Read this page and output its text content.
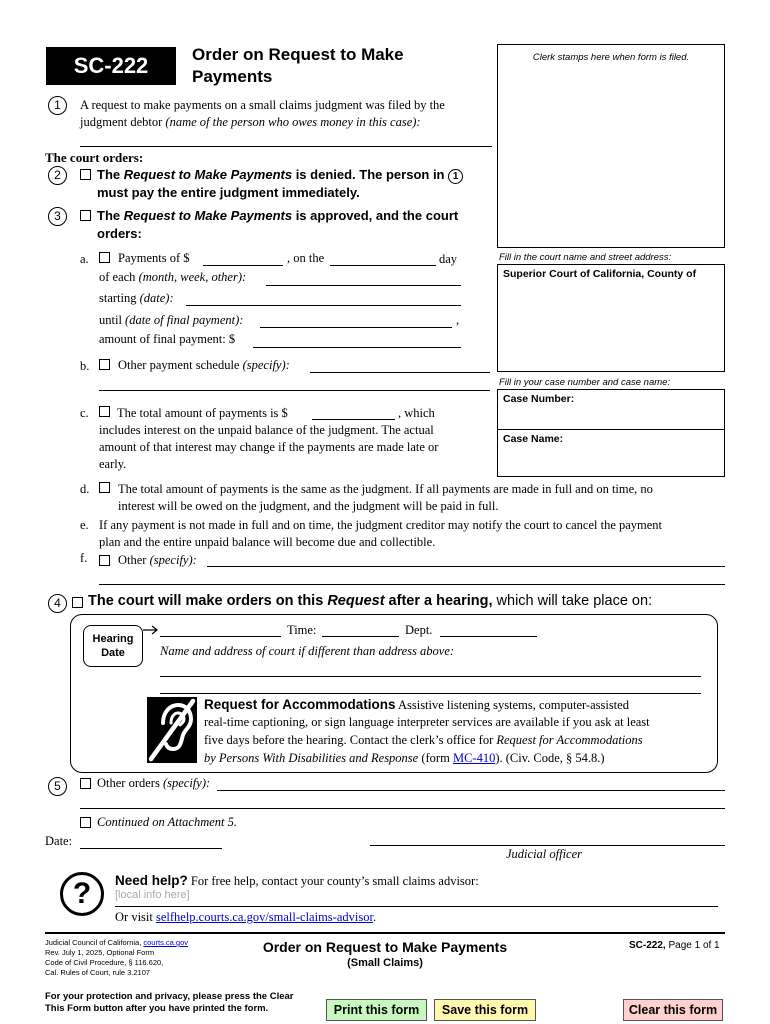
SC-222	Order on Request to Make
Payments
Clerk stamps here when form is filed.
1	A request to make payments on a small claims judgment was filed by the
judgment debtor (name of the person who owes money in this case):
The court orders:
2	The Request to Make Payments is denied. The person in 1
must pay the entire judgment immediately.
3	The Request to Make Payments is approved, and the court
orders:
a. Payments of $	, on the	day
of each (month, week, other):
starting (date):
until (date of final payment):	,
amount of final payment: $
b. Other payment schedule (specify):
Fill in the court name and street address:
Superior Court of California, County of
Fill in your case number and case name:
Case Number:
Case Name:
c. The total amount of payments is $	, which
includes interest on the unpaid balance of the judgment. The actual
amount of that interest may change if the payments are made late or
early.
d. The total amount of payments is the same as the judgment. If all payments are made in full and on time, no
interest will be owed on the judgment, and the judgment will be paid in full.
e. If any payment is not made in full and on time, the judgment creditor may notify the court to cancel the payment
plan and the entire unpaid balance will become due and collectible.
f. Other (specify):
4	The court will make orders on this Request after a hearing, which will take place on:
Hearing
Date
Time:	Dept.
Name and address of court if different than address above:
Request for Accommodations Assistive listening systems, computer-assisted
real-time captioning, or sign language interpreter services are available if you ask at least
five days before the hearing. Contact the clerk’s office for Request for Accommodations
by Persons With Disabilities and Response (form MC-410). (Civ. Code, § 54.8.)
5	Other orders (specify):
Continued on Attachment 5.
Date:
Judicial officer
?	Need help? For free help, contact your county’s small claims advisor:
[local info here]
Or visit selfhelp.courts.ca.gov/small-claims-advisor.
Judicial Council of California, courts.ca.gov
Rev. July 1, 2025, Optional Form
Code of Civil Procedure, § 116.620,
Cal. Rules of Court, rule 3.2107
Order on Request to Make Payments
(Small Claims)
SC-222, Page 1 of 1
For your protection and privacy, please press the Clear
This Form button after you have printed the form.	Print this form	Save this form	Clear this form
